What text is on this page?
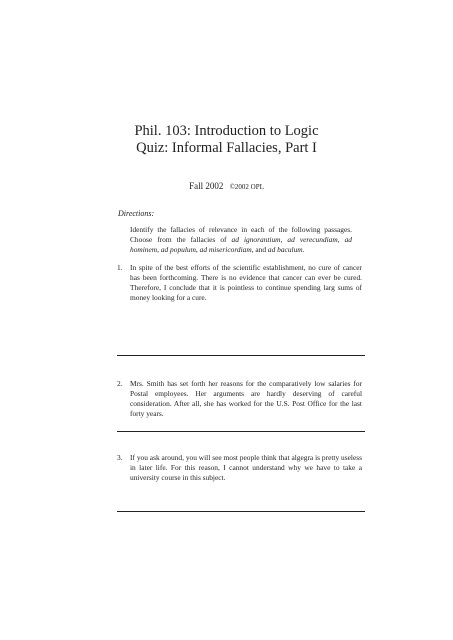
Phil. 103: Introduction to Logic
Quiz: Informal Fallacies, Part I
Fall 2002 ©2002 OPL
Directions:
Identify the fallacies of relevance in each of the following passages. Choose from the fallacies of ad ignorantium, ad verecundiam, ad hominem, ad populum, ad misericordiam, and ad baculum.
1. In spite of the best efforts of the scientific establishment, no cure of cancer has been forthcoming. There is no evidence that cancer can ever be cured. Therefore, I conclude that it is pointless to continue spending larg sums of money looking for a cure.
2. Mrs. Smith has set forth her reasons for the comparatively low salaries for Postal employees. Her arguments are hardly deserving of careful consideration. After all, she has worked for the U.S. Post Office for the last forty years.
3. If you ask around, you will see most people think that algegra is pretty useless in later life. For this reason, I cannot understand why we have to take a university course in this subject.
